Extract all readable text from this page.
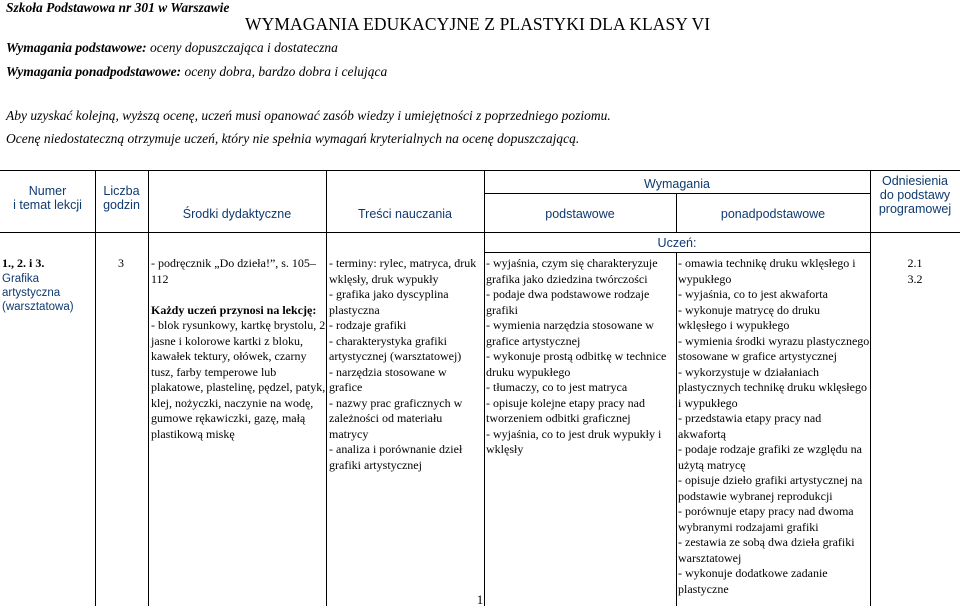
Szkoła Podstawowa nr 301 w Warszawie
WYMAGANIA EDUKACYJNE Z PLASTYKI DLA KLASY VI
Wymagania podstawowe: oceny dopuszczająca i dostateczna
Wymagania ponadpodstawowe: oceny dobra, bardzo dobra i celująca
Aby uzyskać kolejną, wyższą ocenę, uczeń musi opanować zasób wiedzy i umiejętności z poprzedniego poziomu.
Ocenę niedostateczną otrzymuje uczeń, który nie spełnia wymagań kryterialnych na ocenę dopuszczającą.
Numer
i temat lekcji
Liczba
godzin
Środki dydaktyczne	Treści nauczania
Wymagania
podstawowe	ponadpodstawowe
Odniesienia
do podstawy
programowej
Uczeń:
1., 2. i 3.
Grafika
artystyczna
(warsztatowa)
3 - podręcznik „Do dzieła!”, s. 105–
112

Każdy uczeń przynosi na lekcję:
- blok rysunkowy, kartkę brystolu, 2
jasne i kolorowe kartki z bloku,
kawałek tektury, ołówek, czarny
tusz, farby temperowe lub
plakatowe, plastelinę, pędzel, patyk,
klej, nożyczki, naczynie na wodę,
gumowe rękawiczki, gazę, małą
plastikową miskę
- terminy: rylec, matryca, druk
wklęsły, druk wypukły
- grafika jako dyscyplina
plastyczna
- rodzaje grafiki
- charakterystyka grafiki
artystycznej (warsztatowej)
- narzędzia stosowane w
grafice
- nazwy prac graficznych w
zależności od materiału
matrycy
- analiza i porównanie dzieł
grafiki artystycznej
- wyjaśnia, czym się charakteryzuje
grafika jako dziedzina twórczości
- podaje dwa podstawowe rodzaje
grafiki
- wymienia narzędzia stosowane w
grafice artystycznej
- wykonuje prostą odbitkę w technice
druku wypukłego
- tłumaczy, co to jest matryca
- opisuje kolejne etapy pracy nad
tworzeniem odbitki graficznej
- wyjaśnia, co to jest druk wypukły i
wklęsły
- omawia technikę druku wklęsłego i
wypukłego
- wyjaśnia, co to jest akwaforta
- wykonuje matrycę do druku
wklęsłego i wypukłego
- wymienia środki wyrazu plastycznego
stosowane w grafice artystycznej
- wykorzystuje w działaniach
plastycznych technikę druku wklęsłego
i wypukłego
- przedstawia etapy pracy nad
akwafortą
- podaje rodzaje grafiki ze względu na
użytą matrycę
- opisuje dzieło grafiki artystycznej na
podstawie wybranej reprodukcji
- porównuje etapy pracy nad dwoma
wybranymi rodzajami grafiki
- zestawia ze sobą dwa dzieła grafiki
warsztatowej
- wykonuje dodatkowe zadanie
plastyczne
2.1
3.2
1
